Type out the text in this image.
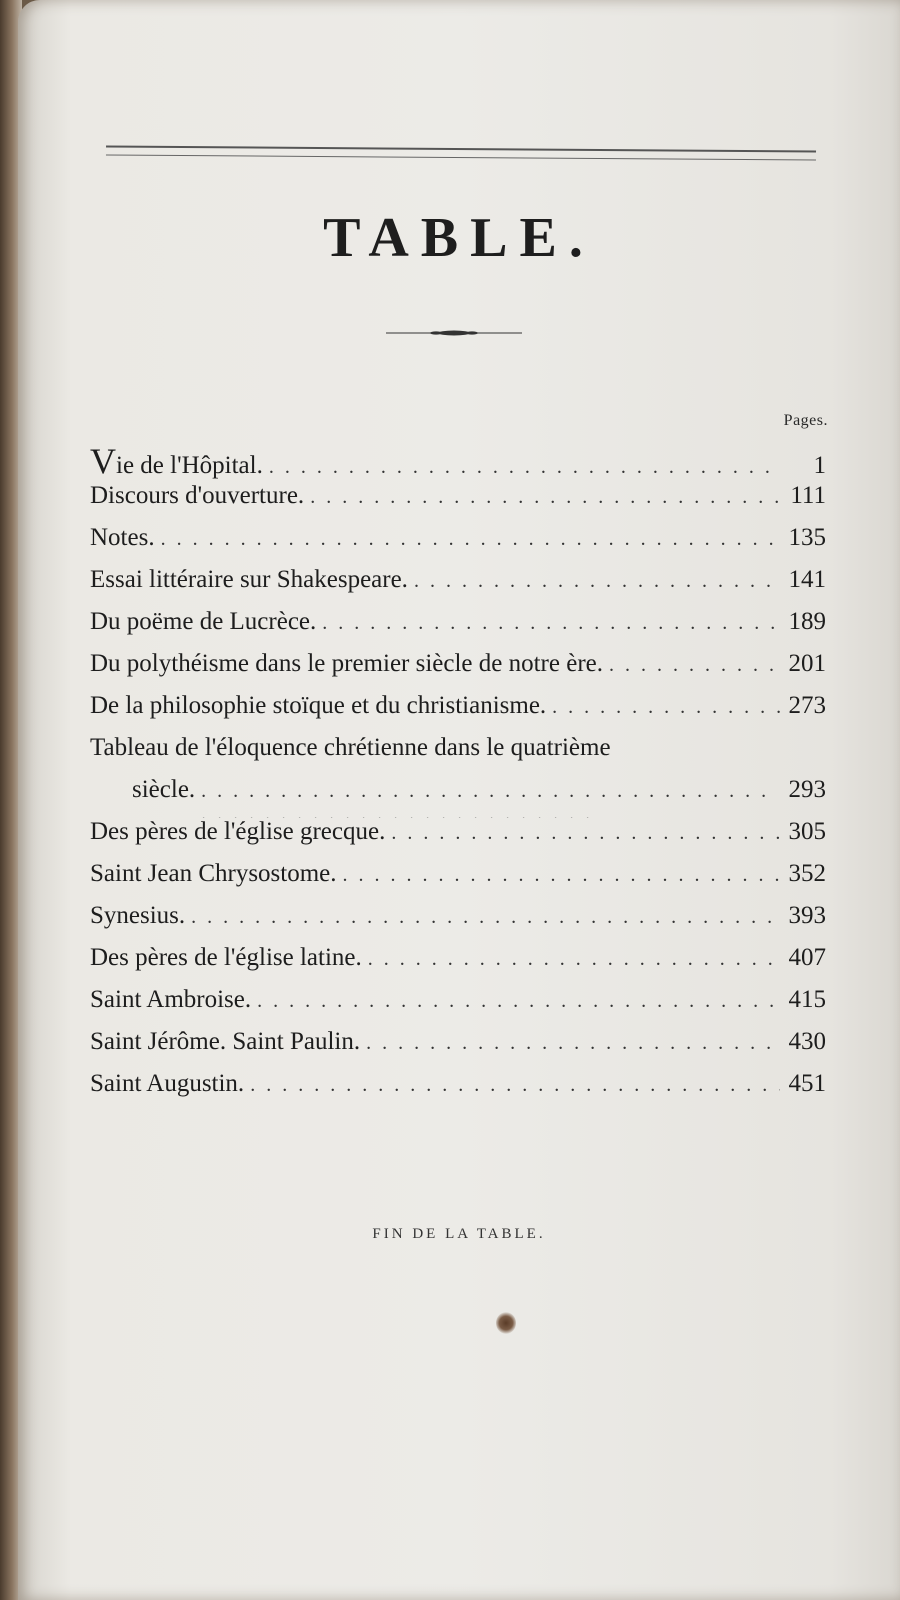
TABLE.
Pages.
Vie de l'Hôpital. . . .	1
Discours d'ouverture. . . .	111
Notes. . . .	135
Essai littéraire sur Shakespeare. . . .	141
Du poëme de Lucrèce. . . .	189
Du polythéisme dans le premier siècle de notre ère. . . .	201
De la philosophie stoïque et du christianisme. . . .	273
Tableau de l'éloquence chrétienne dans le quatrième
siècle. . . .	293
Des pères de l'église grecque. . . .	305
Saint Jean Chrysostome. . . .	352
Synesius. . . .	393
Des pères de l'église latine. . . .	407
Saint Ambroise. . . .	415
Saint Jérôme. Saint Paulin. . . .	430
Saint Augustin. . . .	451
FIN DE LA TABLE.
